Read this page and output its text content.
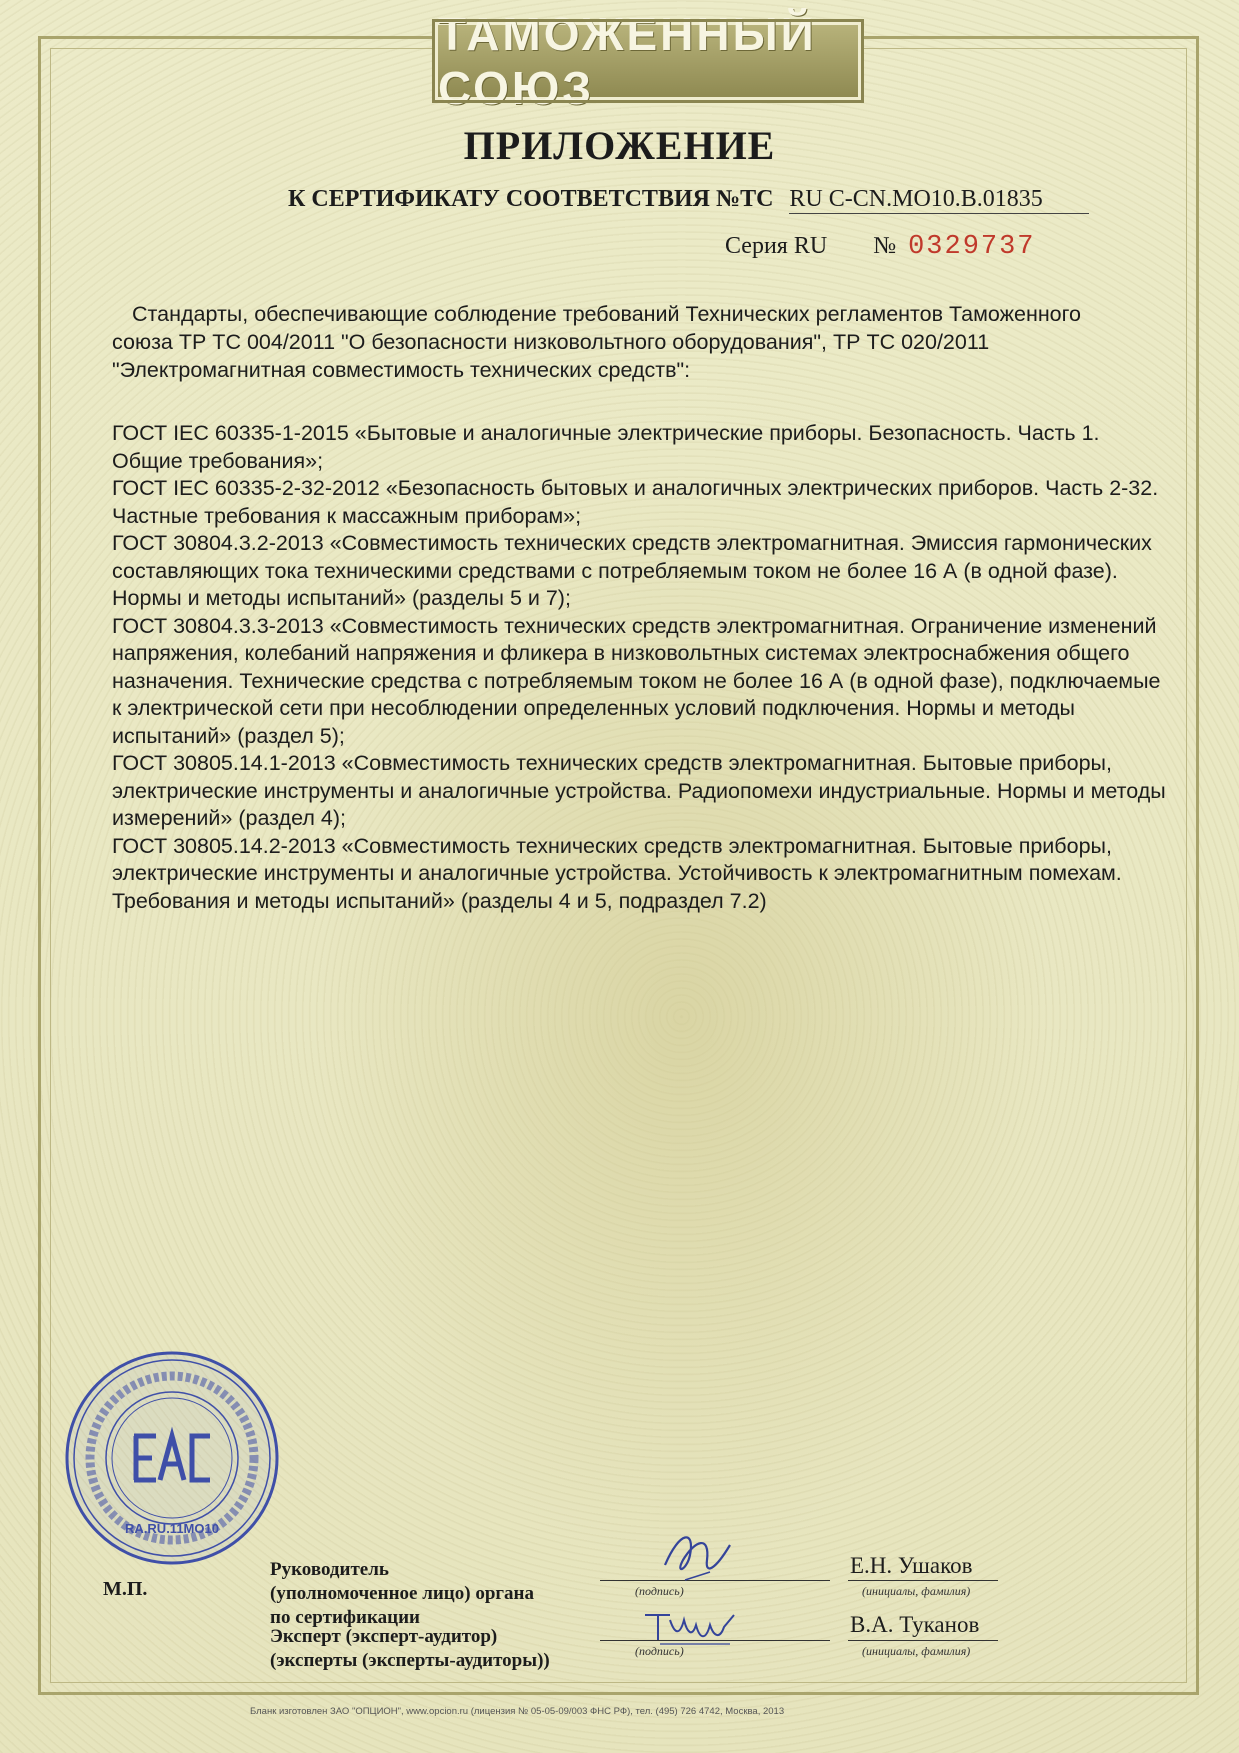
ТАМОЖЕННЫЙ СОЮЗ
ПРИЛОЖЕНИЕ
К СЕРТИФИКАТУ СООТВЕТСТВИЯ №ТС RU C-CN.MO10.B.01835
Серия RU № 0329737
Стандарты, обеспечивающие соблюдение требований Технических регламентов Таможенного союза ТР ТС 004/2011 "О безопасности низковольтного оборудования", ТР ТС 020/2011 "Электромагнитная совместимость технических средств":

ГОСТ IEC 60335-1-2015 «Бытовые и аналогичные электрические приборы. Безопасность. Часть 1. Общие требования»;

ГОСТ IEC 60335-2-32-2012 «Безопасность бытовых и аналогичных электрических приборов. Часть 2-32. Частные требования к массажным приборам»;

ГОСТ 30804.3.2-2013 «Совместимость технических средств электромагнитная. Эмиссия гармонических составляющих тока техническими средствами с потребляемым током не более 16 А (в одной фазе). Нормы и методы испытаний» (разделы 5 и 7);

ГОСТ 30804.3.3-2013 «Совместимость технических средств электромагнитная. Ограничение изменений напряжения, колебаний напряжения и фликера в низковольтных системах электроснабжения общего назначения. Технические средства с потребляемым током не более 16 А (в одной фазе), подключаемые к электрической сети при несоблюдении определенных условий подключения. Нормы и методы испытаний» (раздел 5);

ГОСТ 30805.14.1-2013 «Совместимость технических средств электромагнитная. Бытовые приборы, электрические инструменты и аналогичные устройства. Радиопомехи индустриальные. Нормы и методы измерений» (раздел 4);

ГОСТ 30805.14.2-2013 «Совместимость технических средств электромагнитная. Бытовые приборы, электрические инструменты и аналогичные устройства. Устойчивость к электромагнитным помехам. Требования и методы испытаний» (разделы 4 и 5, подраздел 7.2)

RA.RU.11MO10
М.П.
Руководитель (уполномоченное лицо) органа по сертификации
Эксперт (эксперт-аудитор) (эксперты (эксперты-аудиторы))
(подпись)
(подпись)
(инициалы, фамилия)
(инициалы, фамилия)
Е.Н. Ушаков
В.А. Туканов
Бланк изготовлен ЗАО "ОПЦИОН", www.opcion.ru (лицензия № 05-05-09/003 ФНС РФ), тел. (495) 726 4742, Москва, 2013
